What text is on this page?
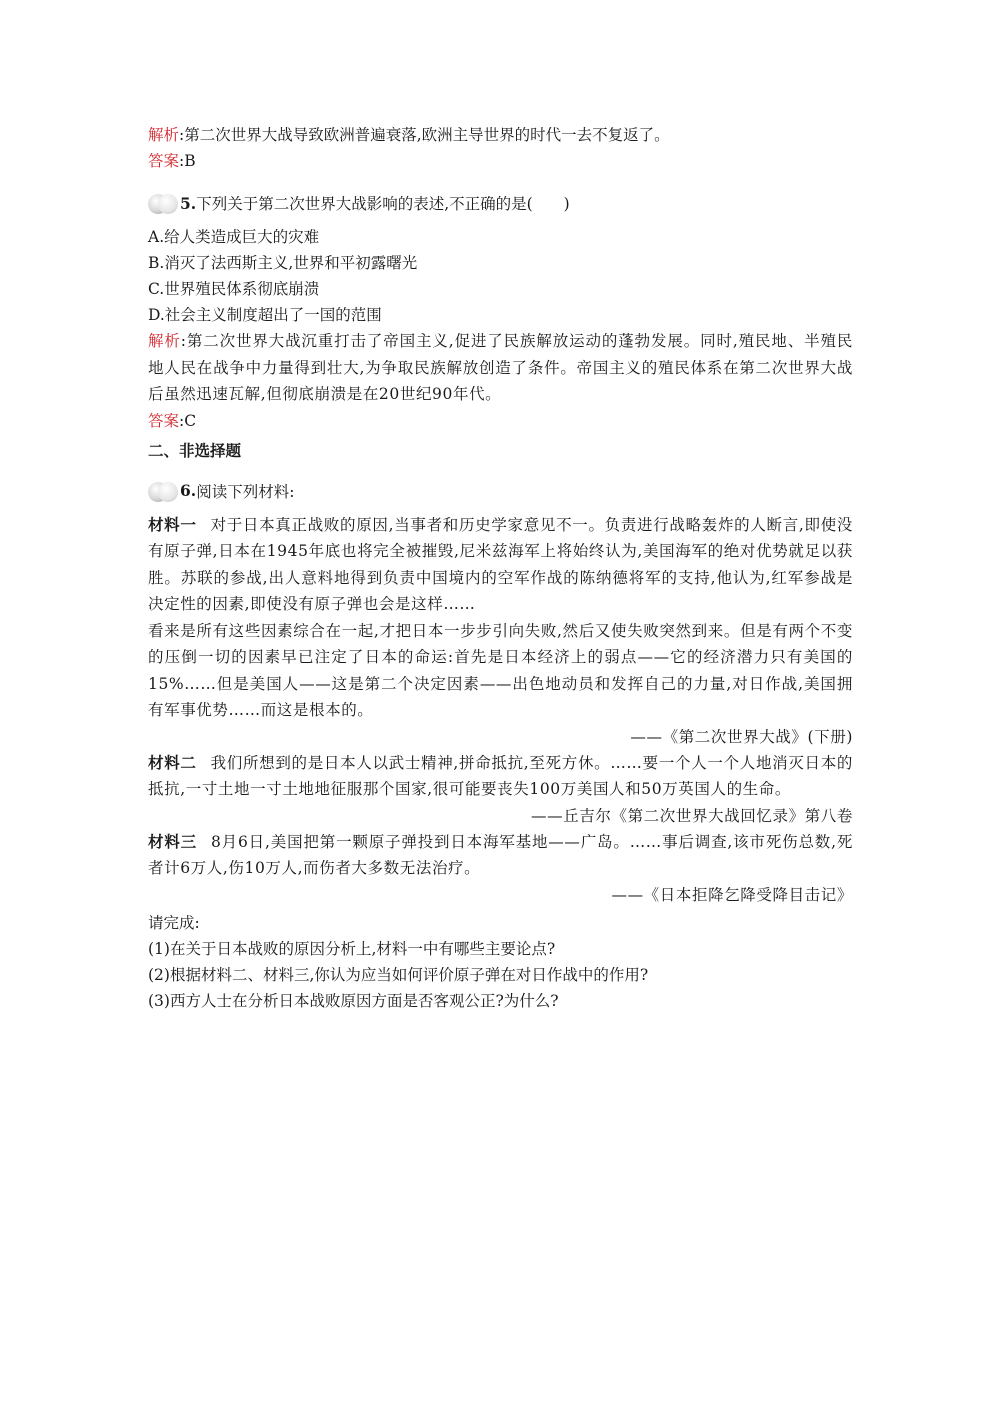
解析:第二次世界大战导致欧洲普遍衰落,欧洲主导世界的时代一去不复返了。
答案:B
5. 下列关于第二次世界大战影响的表述,不正确的是(　　)
A.给人类造成巨大的灾难
B.消灭了法西斯主义,世界和平初露曙光
C.世界殖民体系彻底崩溃
D.社会主义制度超出了一国的范围
解析:第二次世界大战沉重打击了帝国主义,促进了民族解放运动的蓬勃发展。同时,殖民地、半殖民地人民在战争中力量得到壮大,为争取民族解放创造了条件。帝国主义的殖民体系在第二次世界大战后虽然迅速瓦解,但彻底崩溃是在20世纪90年代。
答案:C
二、非选择题
6. 阅读下列材料:
材料一 对于日本真正战败的原因,当事者和历史学家意见不一。负责进行战略轰炸的人断言,即使没有原子弹,日本在1945年底也将完全被摧毁,尼米兹海军上将始终认为,美国海军的绝对优势就足以获胜。苏联的参战,出人意料地得到负责中国境内的空军作战的陈纳德将军的支持,他认为,红军参战是决定性的因素,即使没有原子弹也会是这样……
看来是所有这些因素综合在一起,才把日本一步步引向失败,然后又使失败突然到来。但是有两个不变的压倒一切的因素早已注定了日本的命运:首先是日本经济上的弱点——它的经济潜力只有美国的15%……但是美国人——这是第二个决定因素——出色地动员和发挥自己的力量,对日作战,美国拥有军事优势……而这是根本的。
——《第二次世界大战》(下册)
材料二 我们所想到的是日本人以武士精神,拼命抵抗,至死方休。……要一个人一个人地消灭日本的抵抗,一寸土地一寸土地地征服那个国家,很可能要丧失100万美国人和50万英国人的生命。
——丘吉尔《第二次世界大战回忆录》第八卷
材料三 8月6日,美国把第一颗原子弹投到日本海军基地——广岛。……事后调查,该市死伤总数,死者计6万人,伤10万人,而伤者大多数无法治疗。
——《日本拒降乞降受降目击记》
请完成:
(1)在关于日本战败的原因分析上,材料一中有哪些主要论点?
(2)根据材料二、材料三,你认为应当如何评价原子弹在对日作战中的作用?
(3)西方人士在分析日本战败原因方面是否客观公正?为什么?
